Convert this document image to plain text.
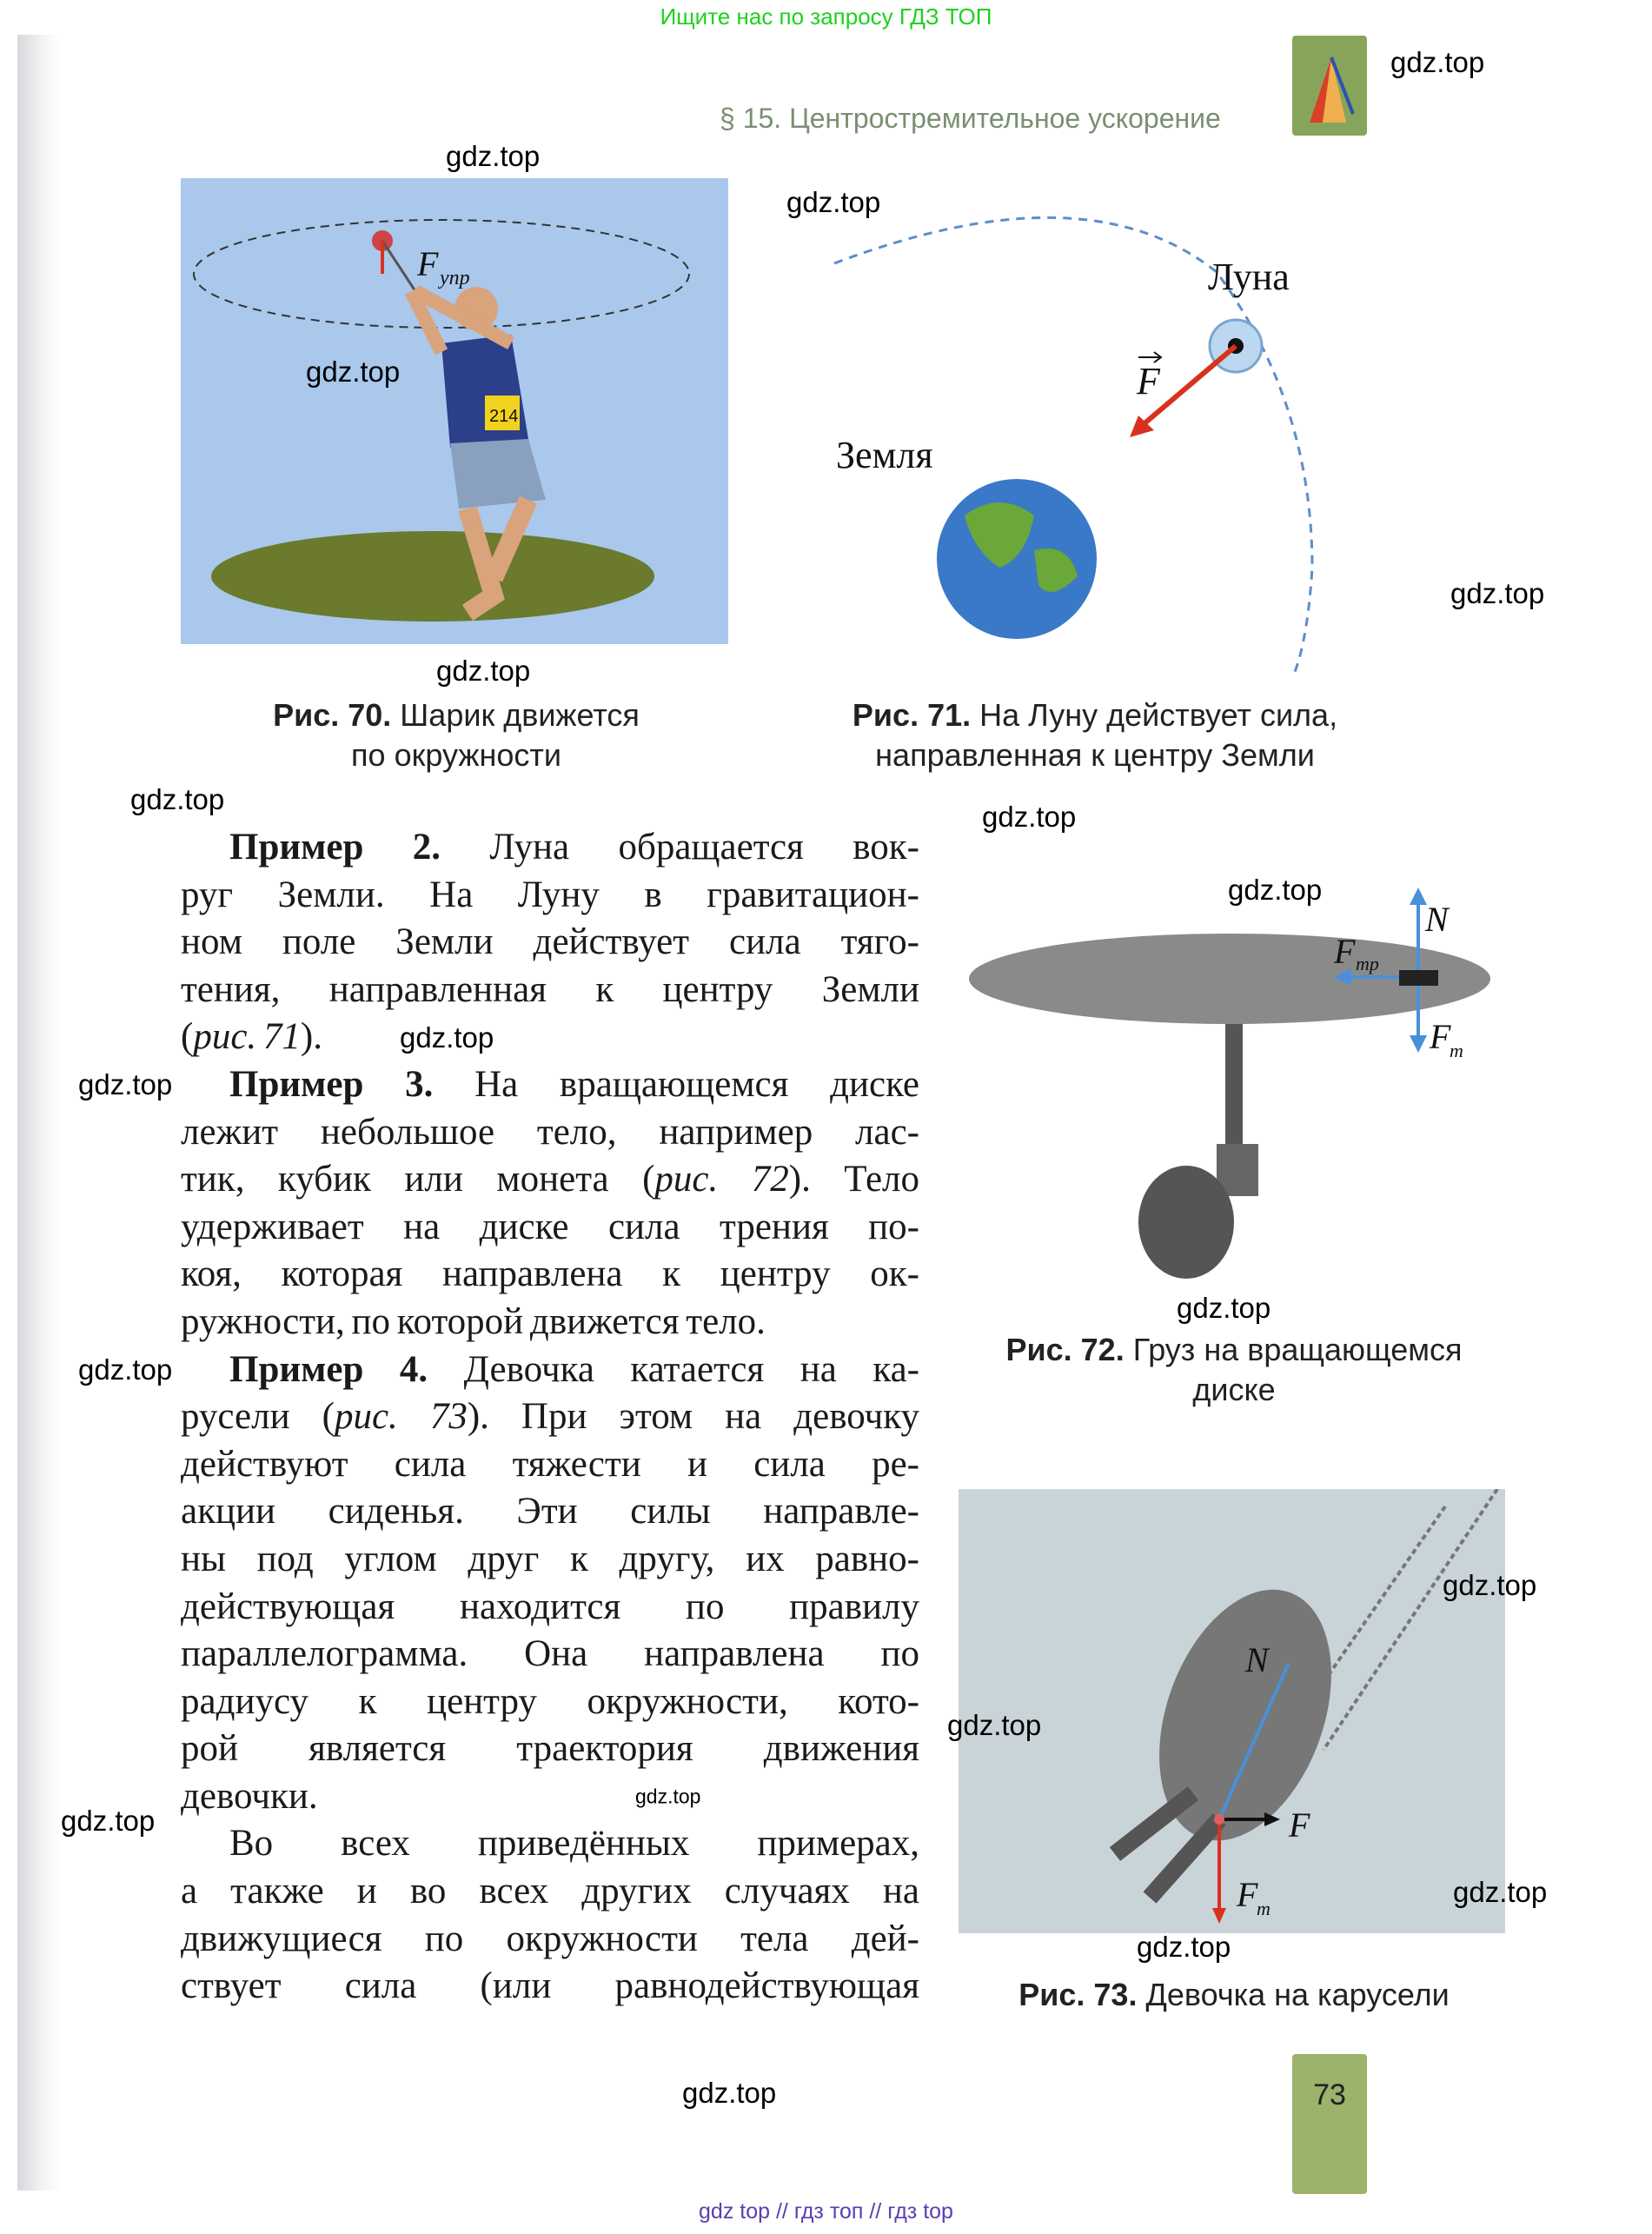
Ищите нас по запросу ГДЗ ТОП
§ 15. Центростремительное ускорение
F упр
214
Рис. 70. Шарик движется
по окружности
Луна
Земля
F
Рис. 71. На Луну действует сила,
направленная к центру Земли
N
F тр
F
т
Рис. 72. Груз на вращающемся
диске
N
F
F
т
Рис. 73. Девочка на карусели
Пример 2. Луна обращается вок-
руг Земли. На Луну в гравитацион-
ном поле Земли действует сила тяго-
тения, направленная к центру Земли
(рис. 71).
Пример 3. На вращающемся диске
лежит небольшое тело, например лас-
тик, кубик или монета (рис. 72). Тело
удерживает на диске сила трения по-
коя, которая направлена к центру ок-
ружности, по которой движется тело.
Пример 4. Девочка катается на ка-
русели (рис. 73). При этом на девочку
действуют сила тяжести и сила ре-
акции сиденья. Эти силы направле-
ны под углом друг к другу, их равно-
действующая находится по правилу
параллелограмма. Она направлена по
радиусу к центру окружности, кото-
рой является траектория движения
девочки.
Во всех приведённых примерах,
а также и во всех других случаях на
движущиеся по окружности тела дей-
ствует сила (или равнодействующая
gdz.top
gdz.top
gdz.top
gdz.top
gdz.top
gdz.top
gdz.top
gdz.top
gdz.top
gdz.top
gdz.top
gdz.top
gdz.top
gdz.top
gdz.top
gdz.top
gdz.top
gdz.top
gdz.top
gdz.top	73
gdz top // гдз топ // гдз top
